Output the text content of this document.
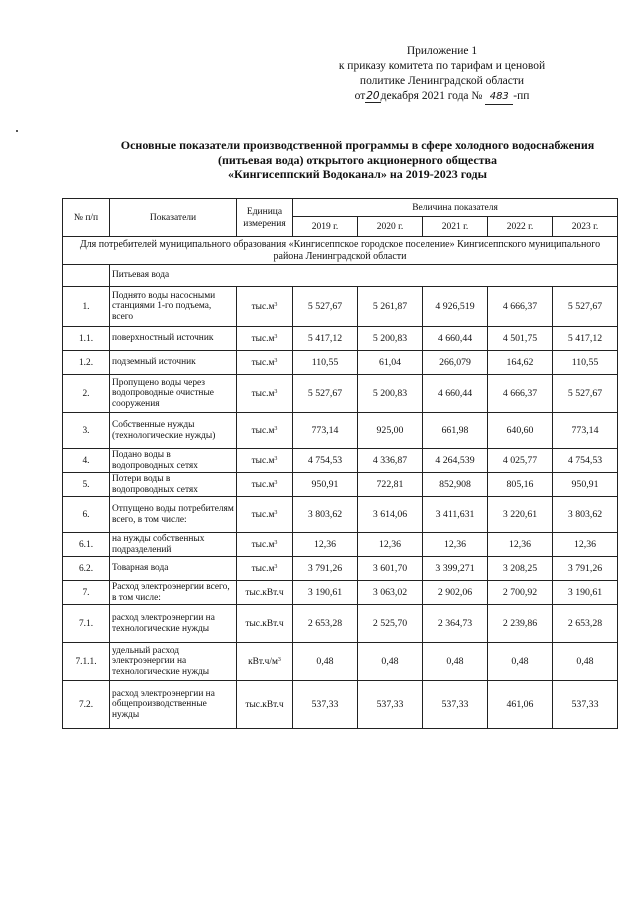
Приложение 1
к приказу комитета по тарифам и ценовой
политике Ленинградской области
от20декабря 2021 года № 483 -пп
Основные показатели производственной программы в сфере холодного водоснабжения
(питьевая вода) открытого акционерного общества
«Кингисеппский Водоканал» на 2019-2023 годы
№ п/п	Показатели	Единица измерения	Величина показателя				
			2019 г.	2020 г.	2021 г.	2022 г.	2023 г.
Для потребителей муниципального образования «Кингисеппское городское поселение» Кингисеппского муниципального района Ленинградской области							
	Питьевая вода						
1.	Поднято воды насосными станциями 1-го подъема, всего	$тыс.м^3$	5 527,67	5 261,87	4 926,519	4 666,37	5 527,67
1.1.	поверхностный источник	$тыс.м^3$	5 417,12	5 200,83	4 660,44	4 501,75	5 417,12
1.2.	подземный источник	$тыс.м^3$	110,55	61,04	266,079	164,62	110,55
2.	Пропущено воды через водопроводные очистные сооружения	$тыс.м^3$	5 527,67	5 200,83	4 660,44	4 666,37	5 527,67
3.	Собственные нужды (технологические нужды)	$тыс.м^3$	773,14	925,00	661,98	640,60	773,14
4.	Подано воды в водопроводных сетях	$тыс.м^3$	4 754,53	4 336,87	4 264,539	4 025,77	4 754,53
5.	Потери воды в водопроводных сетях	$тыс.м^3$	950,91	722,81	852,908	805,16	950,91
6.	Отпущено воды потребителям всего, в том числе:	$тыс.м^3$	3 803,62	3 614,06	3 411,631	3 220,61	3 803,62
6.1.	на нужды собственных подразделений	$тыс.м^3$	12,36	12,36	12,36	12,36	12,36
6.2.	Товарная вода	$тыс.м^3$	3 791,26	3 601,70	3 399,271	3 208,25	3 791,26
7.	Расход электроэнергии всего, в том числе:	тыс.кВт.ч	3 190,61	3 063,02	2 902,06	2 700,92	3 190,61
7.1.	расход электроэнергии на технологические нужды	тыс.кВт.ч	2 653,28	2 525,70	2 364,73	2 239,86	2 653,28
7.1.1.	удельный расход электроэнергии на технологические нужды	$кВт.ч/м^3$	0,48	0,48	0,48	0,48	0,48
7.2.	расход электроэнергии на общепроизводственные нужды	тыс.кВт.ч	537,33	537,33	537,33	461,06	537,33
